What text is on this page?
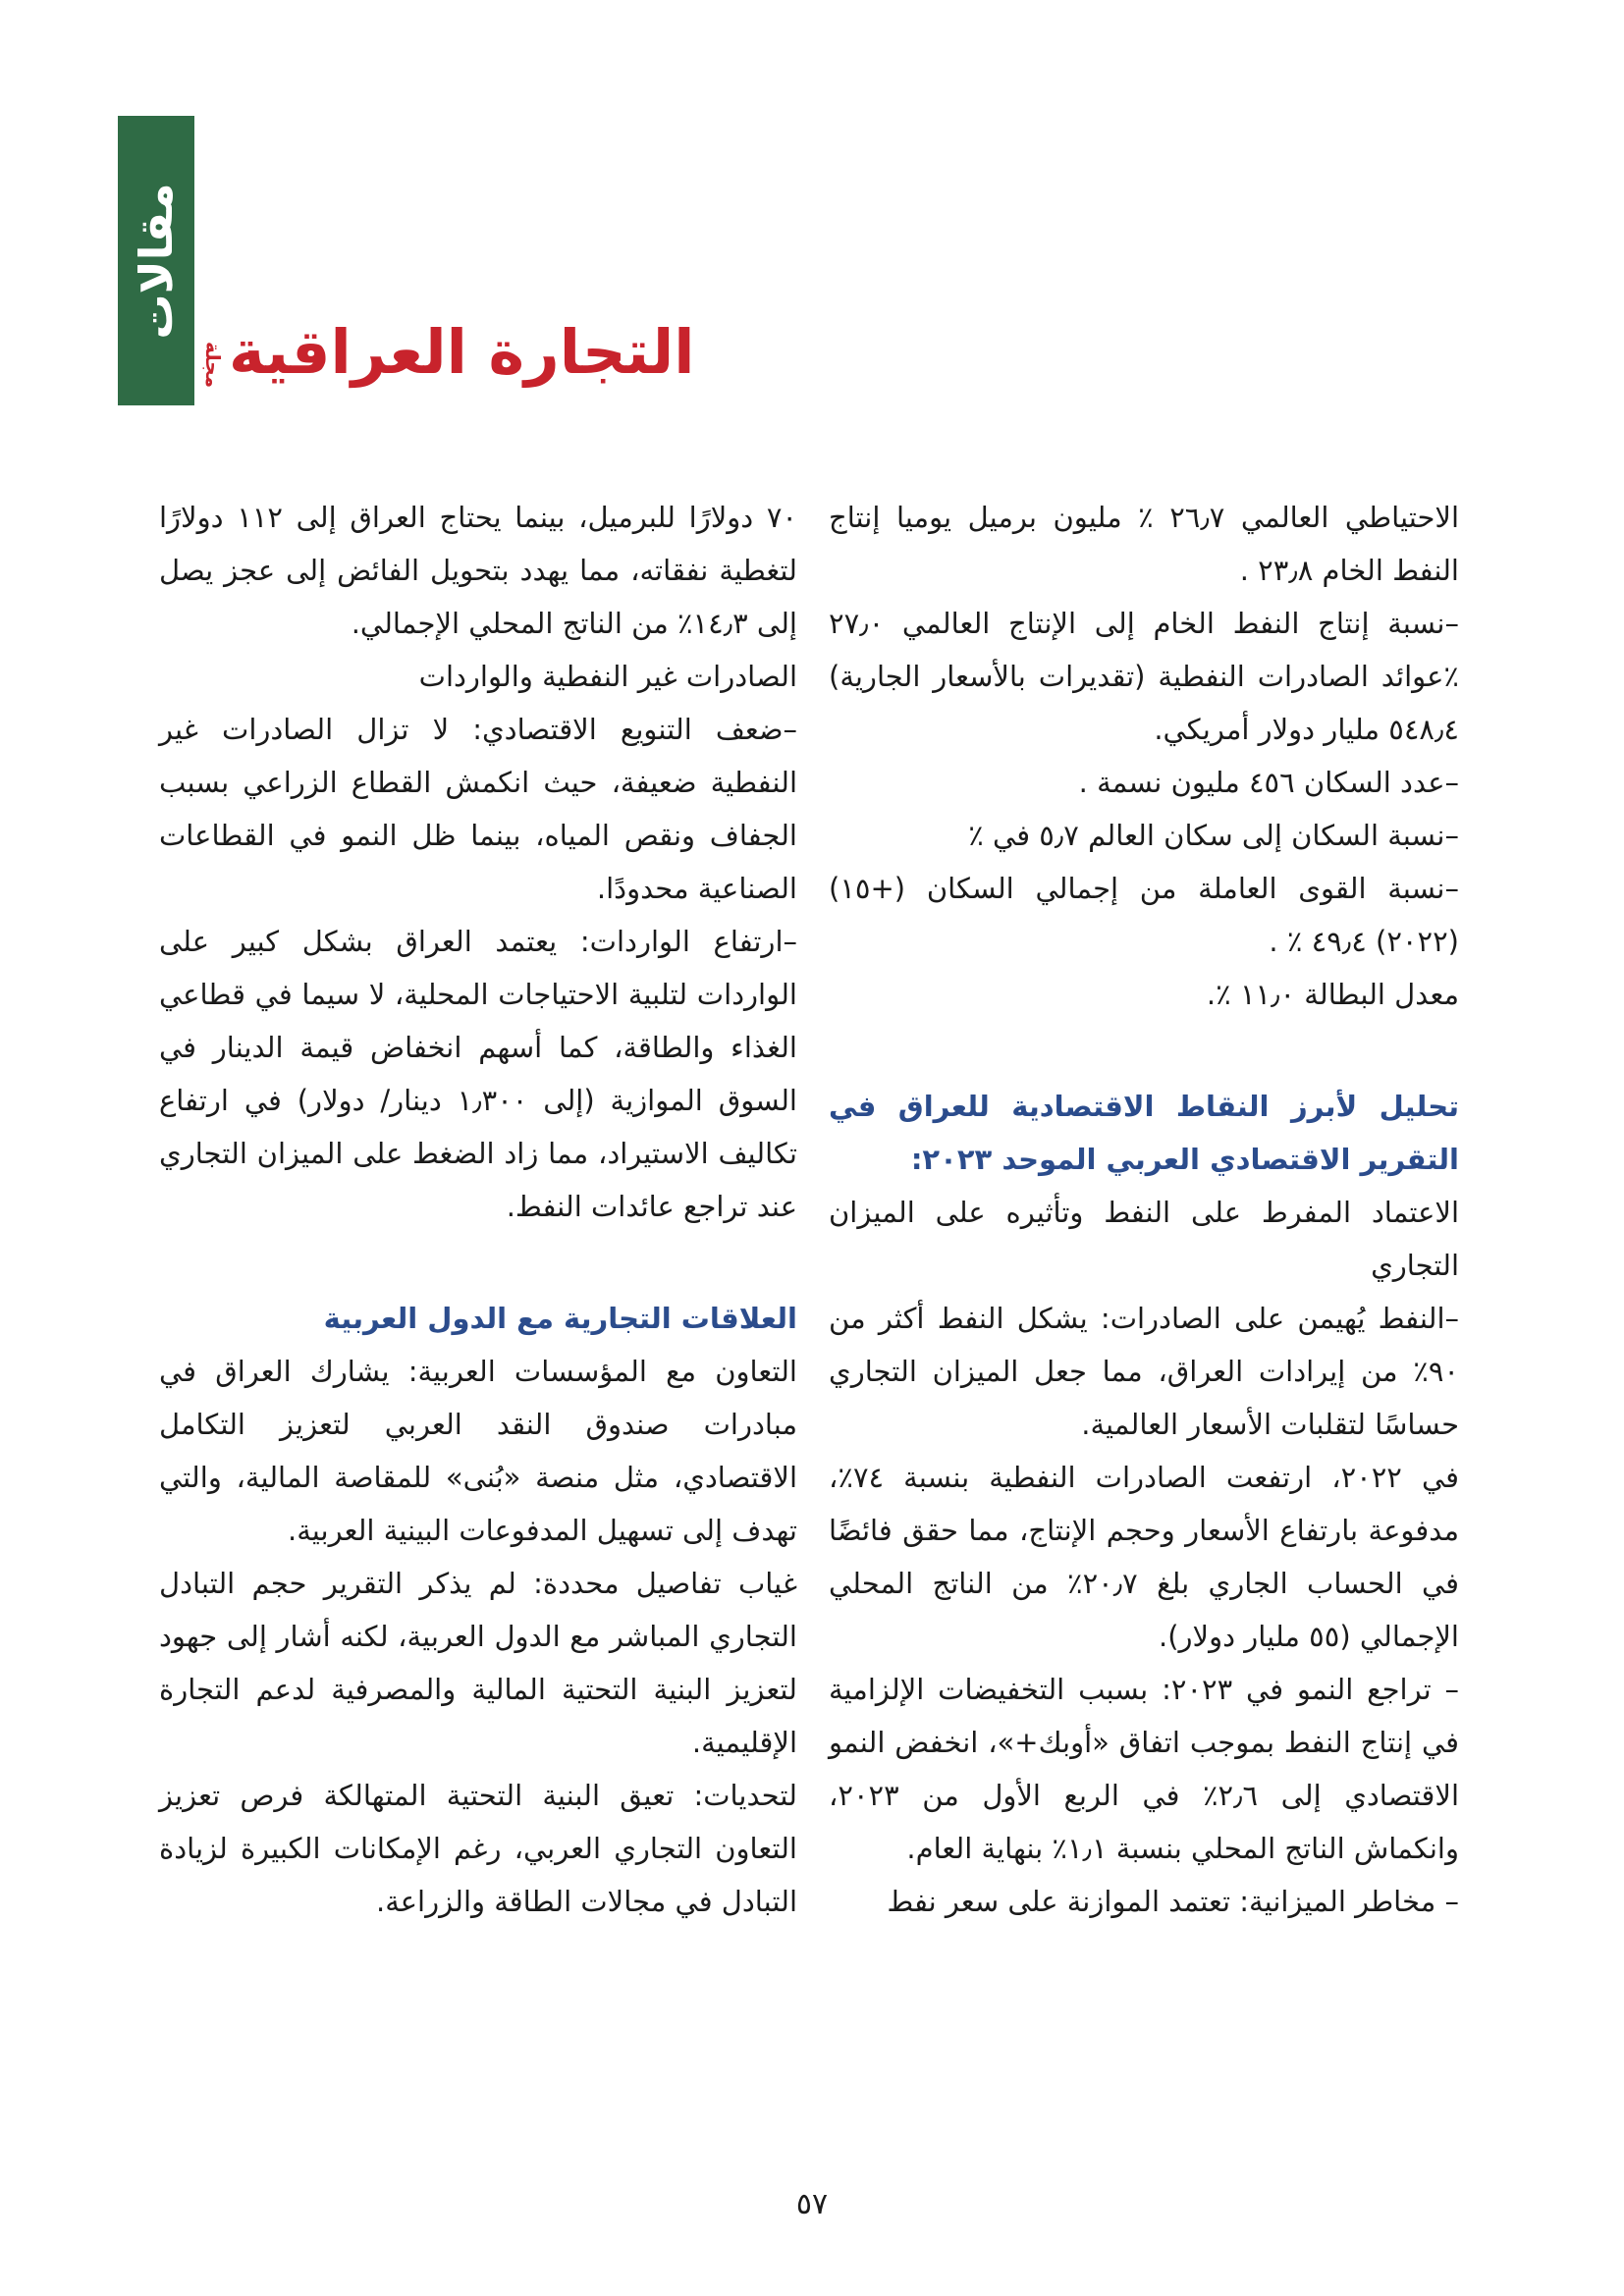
مقالات
مجلة التجارة العراقية

الاحتياطي العالمي ٢٦٫٧ ٪ مليون برميل يوميا إنتاج النفط الخام ٢٣٫٨ .

–نسبة إنتاج النفط الخام إلى الإنتاج العالمي ٢٧٫٠ ٪عوائد الصادرات النفطية (تقديرات بالأسعار الجارية) ٥٤٨٫٤ مليار دولار أمريكي.

–عدد السكان ٤٥٦ مليون نسمة .

–نسبة السكان إلى سكان العالم ٥٫٧ في ٪

–نسبة القوى العاملة من إجمالي السكان (+١٥) (٢٠٢٢) ٤٩٫٤ ٪ .

معدل البطالة ١١٫٠ ٪.

تحليل لأبرز النقاط الاقتصادية للعراق في التقرير الاقتصادي العربي الموحد ٢٠٢٣:

الاعتماد المفرط على النفط وتأثيره على الميزان التجاري

–النفط يُهيمن على الصادرات: يشكل النفط أكثر من ٩٠٪ من إيرادات العراق، مما جعل الميزان التجاري حساسًا لتقلبات الأسعار العالمية.

في ٢٠٢٢، ارتفعت الصادرات النفطية بنسبة ٧٤٪، مدفوعة بارتفاع الأسعار وحجم الإنتاج، مما حقق فائضًا في الحساب الجاري بلغ ٢٠٫٧٪ من الناتج المحلي الإجمالي (٥٥ مليار دولار).

– تراجع النمو في ٢٠٢٣: بسبب التخفيضات الإلزامية في إنتاج النفط بموجب اتفاق «أوبك+»، انخفض النمو الاقتصادي إلى ٢٫٦٪ في الربع الأول من ٢٠٢٣، وانكماش الناتج المحلي بنسبة ١٫١٪ بنهاية العام.

– مخاطر الميزانية: تعتمد الموازنة على سعر نفط

٧٠ دولارًا للبرميل، بينما يحتاج العراق إلى ١١٢ دولارًا لتغطية نفقاته، مما يهدد بتحويل الفائض إلى عجز يصل إلى ١٤٫٣٪ من الناتج المحلي الإجمالي.

الصادرات غير النفطية والواردات

–ضعف التنويع الاقتصادي: لا تزال الصادرات غير النفطية ضعيفة، حيث انكمش القطاع الزراعي بسبب الجفاف ونقص المياه، بينما ظل النمو في القطاعات الصناعية محدودًا.

–ارتفاع الواردات: يعتمد العراق بشكل كبير على الواردات لتلبية الاحتياجات المحلية، لا سيما في قطاعي الغذاء والطاقة، كما أسهم انخفاض قيمة الدينار في السوق الموازية (إلى ١٫٣٠٠ دينار/ دولار) في ارتفاع تكاليف الاستيراد، مما زاد الضغط على الميزان التجاري عند تراجع عائدات النفط.

العلاقات التجارية مع الدول العربية

التعاون مع المؤسسات العربية: يشارك العراق في مبادرات صندوق النقد العربي لتعزيز التكامل الاقتصادي، مثل منصة «بُنى» للمقاصة المالية، والتي تهدف إلى تسهيل المدفوعات البينية العربية.

غياب تفاصيل محددة: لم يذكر التقرير حجم التبادل التجاري المباشر مع الدول العربية، لكنه أشار إلى جهود لتعزيز البنية التحتية المالية والمصرفية لدعم التجارة الإقليمية.

لتحديات: تعيق البنية التحتية المتهالكة فرص تعزيز التعاون التجاري العربي، رغم الإمكانات الكبيرة لزيادة التبادل في مجالات الطاقة والزراعة.

٥٧
